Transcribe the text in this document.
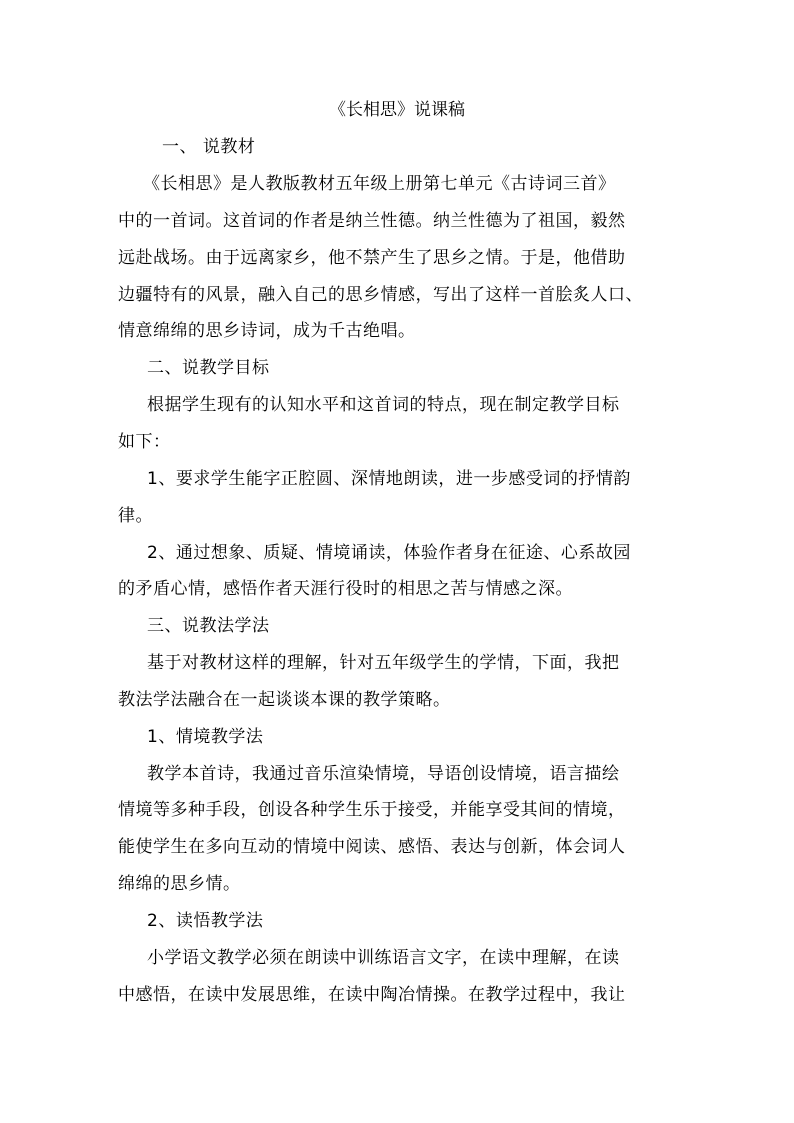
《长相思》说课稿
一、 说教材
《长相思》是人教版教材五年级上册第七单元《古诗词三首》
中的一首词。这首词的作者是纳兰性德。纳兰性德为了祖国，毅然
远赴战场。由于远离家乡，他不禁产生了思乡之情。于是，他借助
边疆特有的风景，融入自己的思乡情感，写出了这样一首脍炙人口、
情意绵绵的思乡诗词，成为千古绝唱。
二、说教学目标
根据学生现有的认知水平和这首词的特点，现在制定教学目标
如下：
1、要求学生能字正腔圆、深情地朗读，进一步感受词的抒情韵
律。
2、通过想象、质疑、情境诵读，体验作者身在征途、心系故园
的矛盾心情，感悟作者天涯行役时的相思之苦与情感之深。
三、说教法学法
基于对教材这样的理解，针对五年级学生的学情，下面，我把
教法学法融合在一起谈谈本课的教学策略。
1、情境教学法
教学本首诗，我通过音乐渲染情境，导语创设情境，语言描绘
情境等多种手段，创设各种学生乐于接受，并能享受其间的情境，
能使学生在多向互动的情境中阅读、感悟、表达与创新，体会词人
绵绵的思乡情。
2、读悟教学法
小学语文教学必须在朗读中训练语言文字，在读中理解，在读
中感悟，在读中发展思维，在读中陶冶情操。在教学过程中，我让
